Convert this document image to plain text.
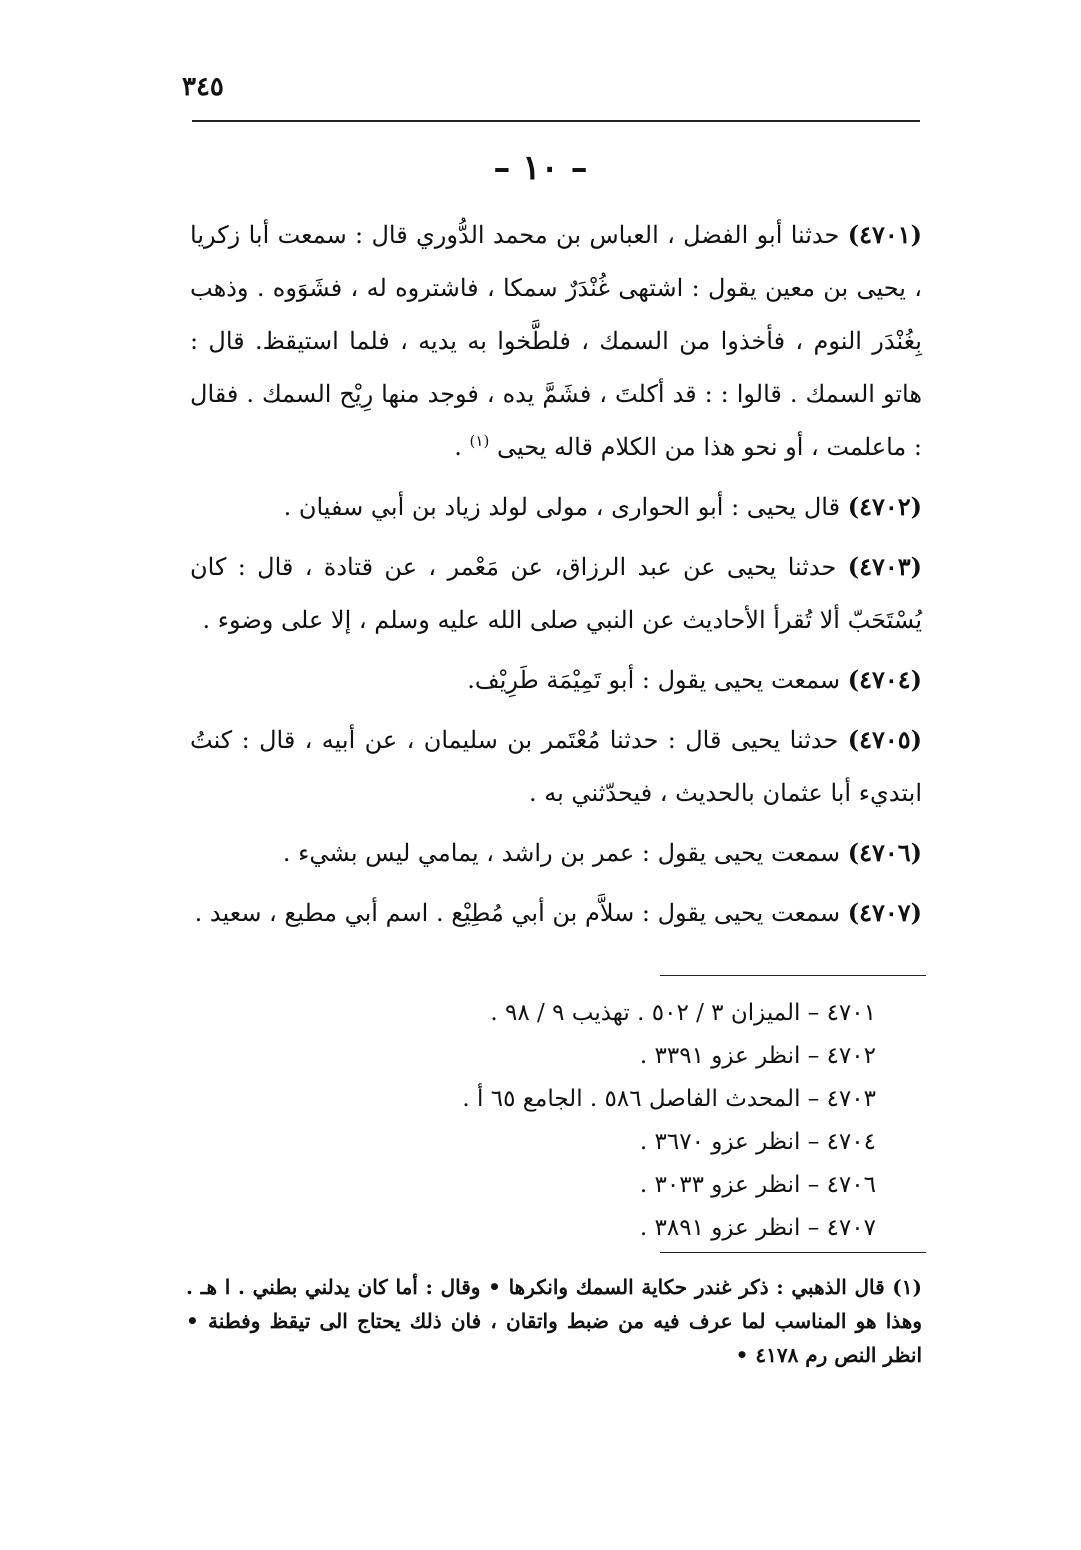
٣٤٥
– ١٠ –

(٤٧٠١) حدثنا أبو الفضل ، العباس بن محمد الدُّوري قال : سمعت أبا زكريا ، يحيى بن معين يقول : اشتهى غُنْدَرٌ سمكا ، فاشتروه له ، فشَوَوه . وذهب بِغُنْدَر النوم ، فأخذوا من السمك ، فلطَّخوا به يديه ، فلما استيقظ. قال : هاتو السمك . قالوا : : قد أكلتَ ، فشَمَّ يده ، فوجد منها رِيْح السمك . فقال : ماعلمت ، أو نحو هذا من الكلام قاله يحيى $^{(١)}$ .

(٤٧٠٢) قال يحيى : أبو الحوارى ، مولى لولد زياد بن أبي سفيان .

(٤٧٠٣) حدثنا يحيى عن عبد الرزاق، عن مَعْمر ، عن قتادة ، قال : كان يُسْتَحَبّ ألا تُقرأ الأحاديث عن النبي صلى الله عليه وسلم ، إلا على وضوء .

(٤٧٠٤) سمعت يحيى يقول : أبو تَمِيْمَة طَرِيْف.

(٤٧٠٥) حدثنا يحيى قال : حدثنا مُعْتَمر بن سليمان ، عن أبيه ، قال : كنتُ ابتديء أبا عثمان بالحديث ، فيحدّثني به .

(٤٧٠٦) سمعت يحيى يقول : عمر بن راشد ، يمامي ليس بشيء .

(٤٧٠٧) سمعت يحيى يقول : سلاَّم بن أبي مُطِيْع . اسم أبي مطيع ، سعيد .

٤٧٠١ – الميزان ٣ / ٥٠٢ . تهذيب ٩ / ٩٨ .
٤٧٠٢ – انظر عزو ٣٣٩١ .
٤٧٠٣ – المحدث الفاصل ٥٨٦ . الجامع ٦٥ أ .
٤٧٠٤ – انظر عزو ٣٦٧٠ .
٤٧٠٦ – انظر عزو ٣٠٣٣ .
٤٧٠٧ – انظر عزو ٣٨٩١ .
(١) قال الذهبي : ذكر غندر حكاية السمك وانكرها • وقال : أما كان يدلني بطني . ا هـ . وهذا هو المناسب لما عرف فيه من ضبط واتقان ، فان ذلك يحتاج الى تيقظ وفطنة • انظر النص رم ٤١٧٨ •
